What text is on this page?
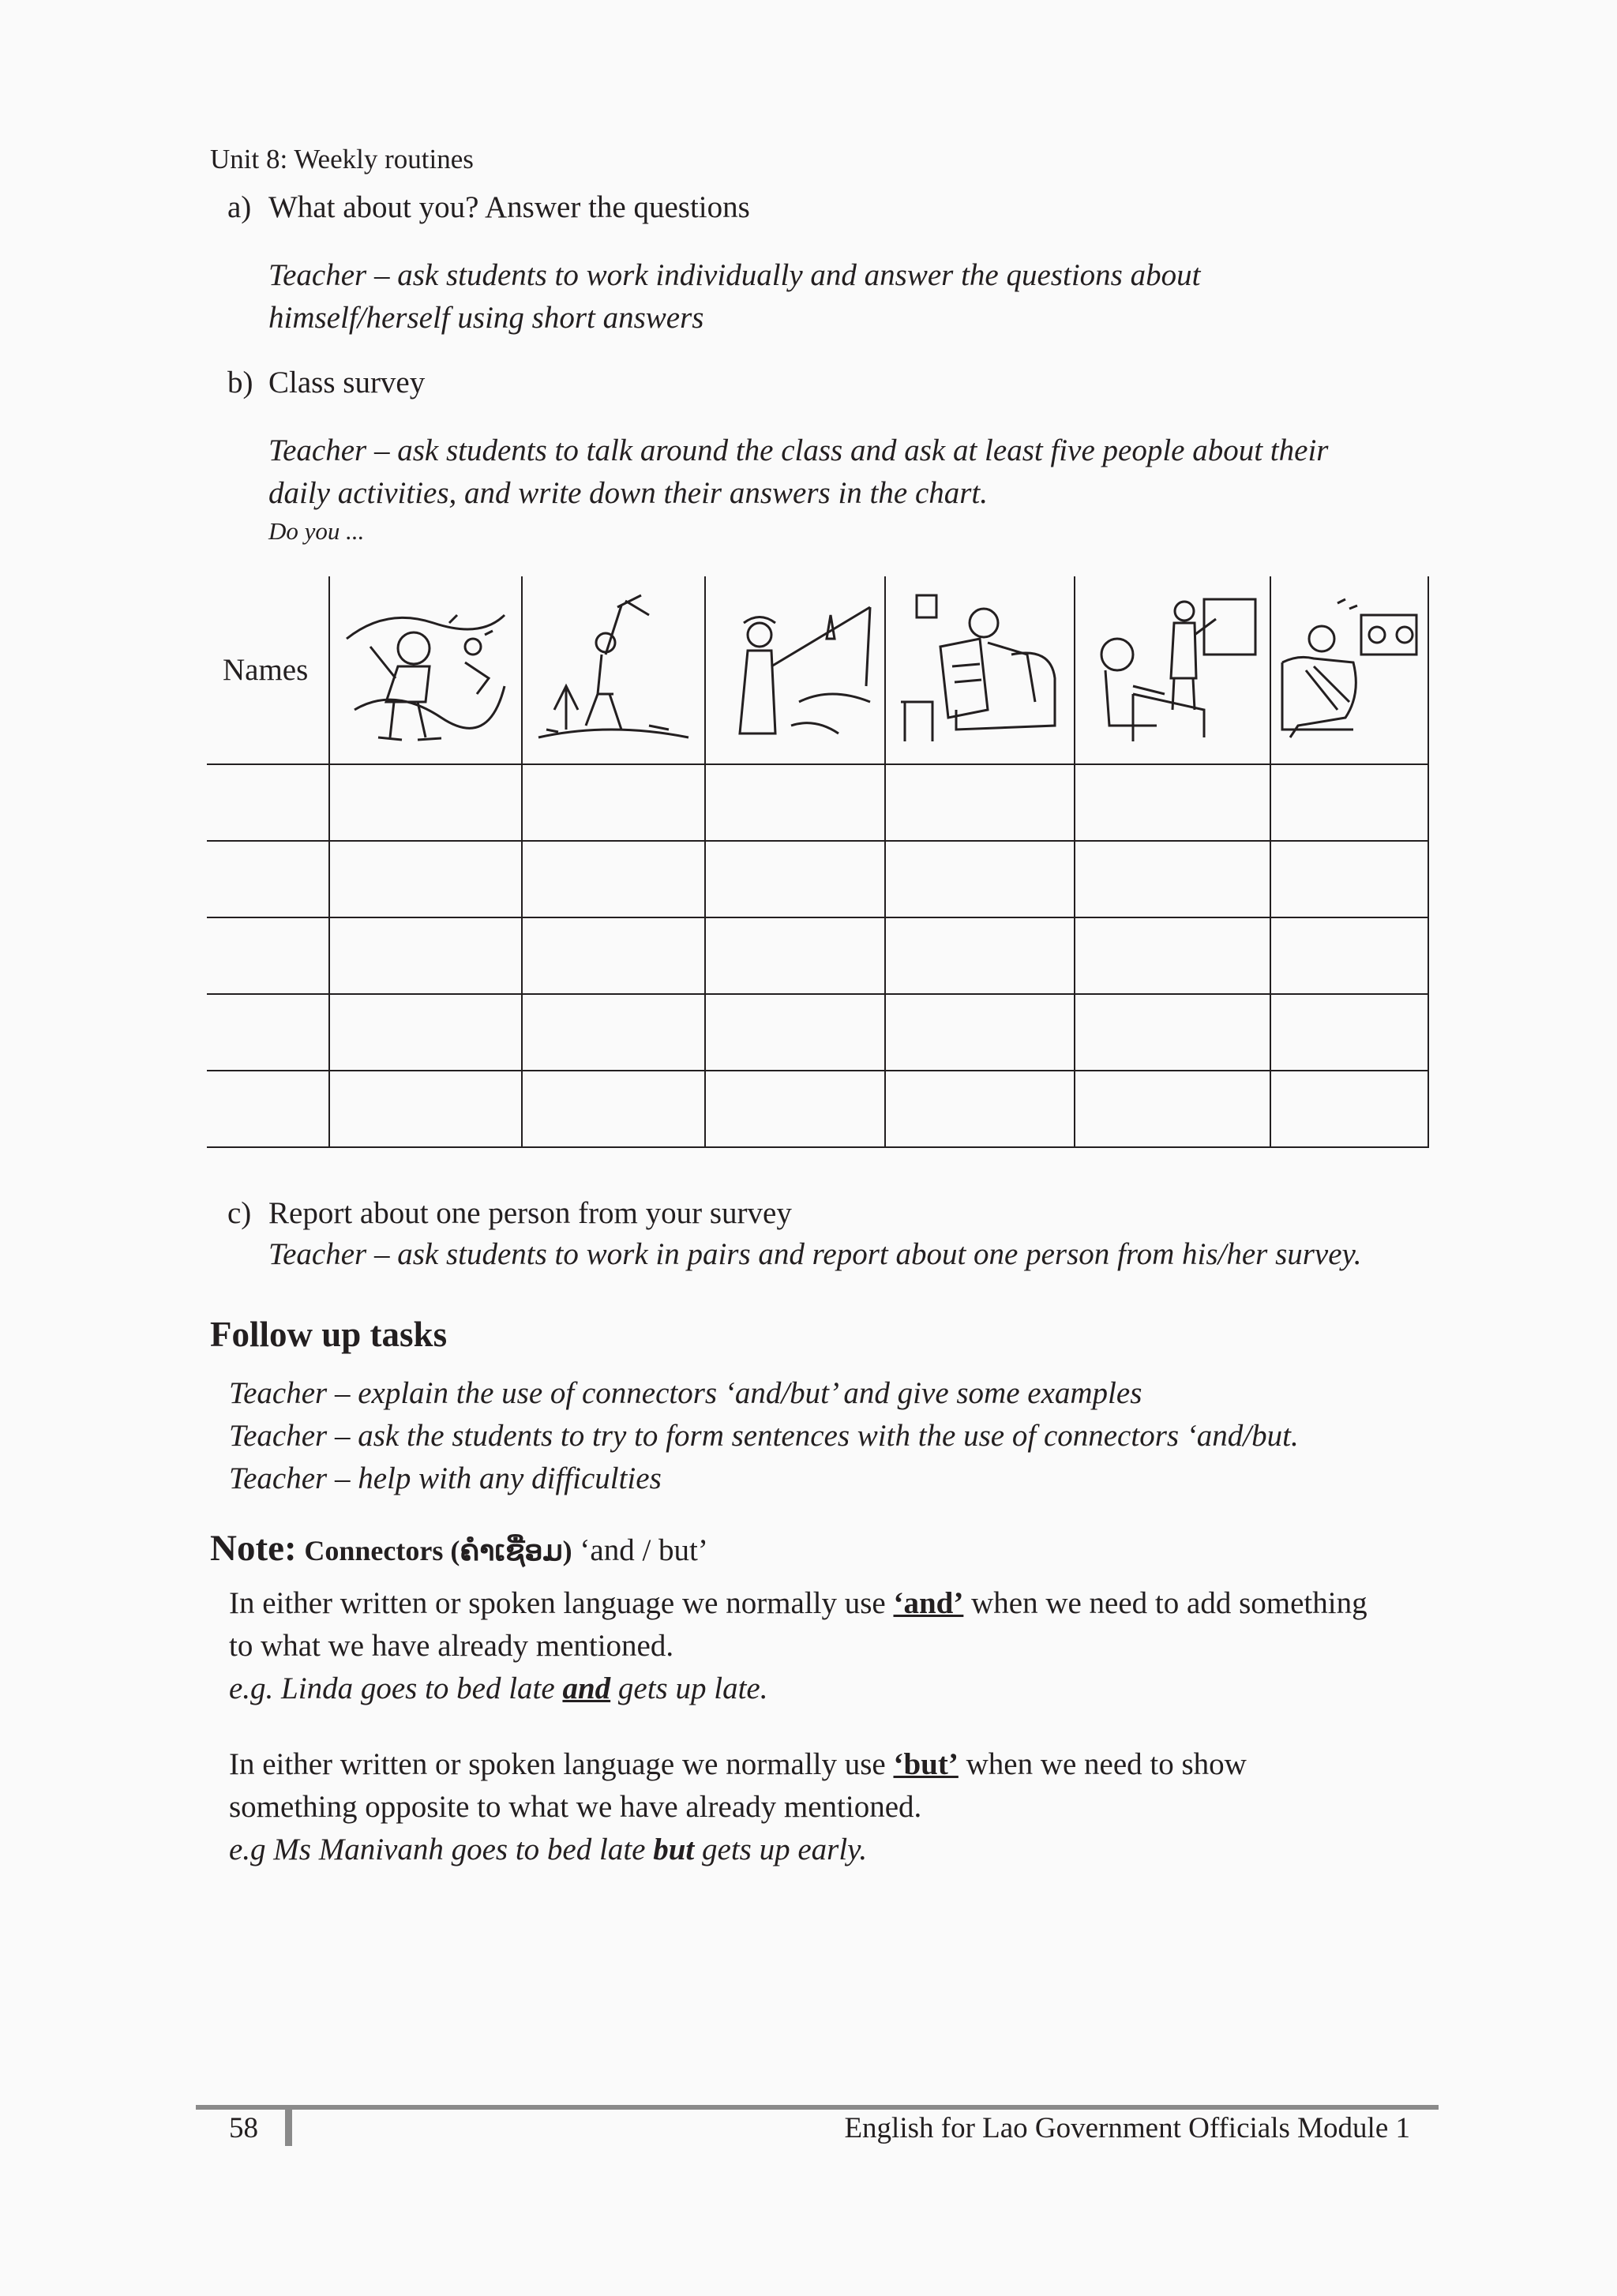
Unit 8: Weekly routines
a) What about you? Answer the questions
Teacher – ask students to work individually and answer the questions about
himself/herself using short answers
b) Class survey
Teacher – ask students to talk around the class and ask at least five people about their
daily activities, and write down their answers in the chart.
Do you ...
Names	

c) Report about one person from your survey
Teacher – ask students to work in pairs and report about one person from his/her survey.
Follow up tasks
Teacher – explain the use of connectors ‘and/but’ and give some examples
Teacher – ask the students to try to form sentences with the use of connectors ‘and/but.
Teacher – help with any difficulties
Note: Connectors (ຄໍາເຊື່ອມ) ‘and / but’
In either written or spoken language we normally use ‘and’ when we need to add something
to what we have already mentioned.
e.g. Linda goes to bed late and gets up late.
In either written or spoken language we normally use ‘but’ when we need to show
something opposite to what we have already mentioned.
e.g Ms Manivanh goes to bed late but gets up early.
58	English for Lao Government Officials Module 1
